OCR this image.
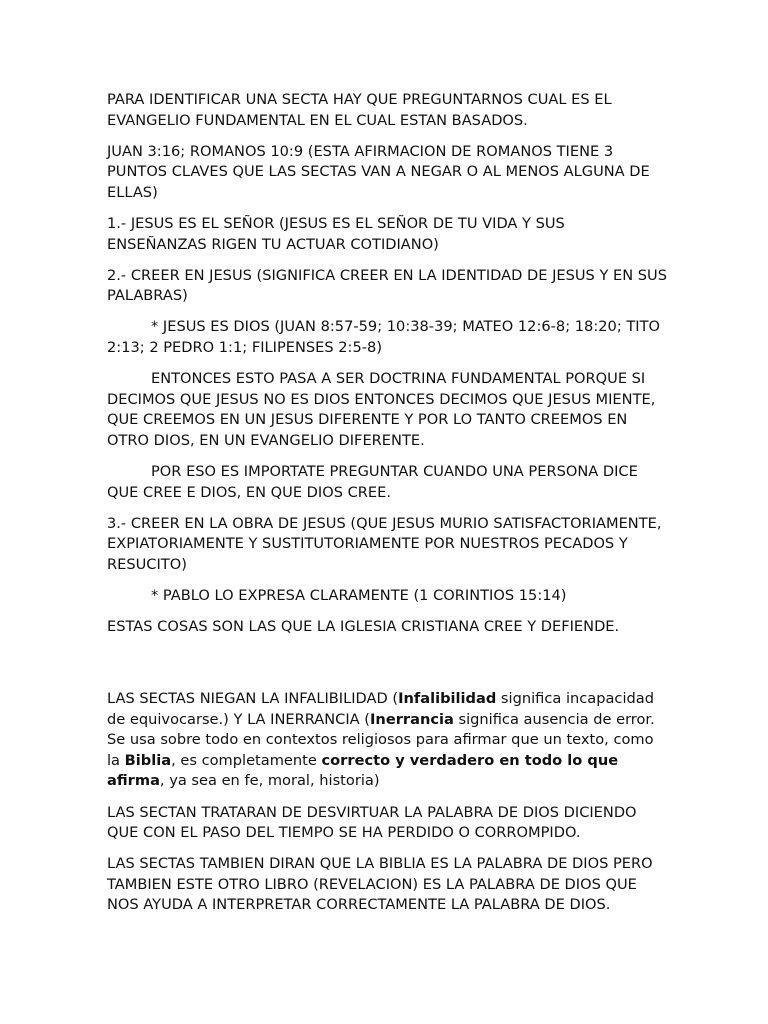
PARA IDENTIFICAR UNA SECTA HAY QUE PREGUNTARNOS CUAL ES EL EVANGELIO FUNDAMENTAL EN EL CUAL ESTAN BASADOS.

JUAN 3:16; ROMANOS 10:9 (ESTA AFIRMACION DE ROMANOS TIENE 3 PUNTOS CLAVES QUE LAS SECTAS VAN A NEGAR O AL MENOS ALGUNA DE ELLAS)

1.- JESUS ES EL SEÑOR (JESUS ES EL SEÑOR DE TU VIDA Y SUS ENSEÑANZAS RIGEN TU ACTUAR COTIDIANO)

2.- CREER EN JESUS (SIGNIFICA CREER EN LA IDENTIDAD DE JESUS Y EN SUS PALABRAS)

* JESUS ES DIOS (JUAN 8:57-59; 10:38-39; MATEO 12:6-8; 18:20; TITO 2:13; 2 PEDRO 1:1; FILIPENSES 2:5-8)

ENTONCES ESTO PASA A SER DOCTRINA FUNDAMENTAL PORQUE SI DECIMOS QUE JESUS NO ES DIOS ENTONCES DECIMOS QUE JESUS MIENTE, QUE CREEMOS EN UN JESUS DIFERENTE Y POR LO TANTO CREEMOS EN OTRO DIOS, EN UN EVANGELIO DIFERENTE.

POR ESO ES IMPORTATE PREGUNTAR CUANDO UNA PERSONA DICE QUE CREE E DIOS, EN QUE DIOS CREE.

3.- CREER EN LA OBRA DE JESUS (QUE JESUS MURIO SATISFACTORIAMENTE, EXPIATORIAMENTE Y SUSTITUTORIAMENTE POR NUESTROS PECADOS Y RESUCITO)

* PABLO LO EXPRESA CLARAMENTE (1 CORINTIOS 15:14)

ESTAS COSAS SON LAS QUE LA IGLESIA CRISTIANA CREE Y DEFIENDE.

LAS SECTAS NIEGAN LA INFALIBILIDAD (Infalibilidad significa incapacidad de equivocarse.) Y LA INERRANCIA (Inerrancia significa ausencia de error. Se usa sobre todo en contextos religiosos para afirmar que un texto, como la Biblia, es completamente correcto y verdadero en todo lo que afirma, ya sea en fe, moral, historia)

LAS SECTAN TRATARAN DE DESVIRTUAR LA PALABRA DE DIOS DICIENDO QUE CON EL PASO DEL TIEMPO SE HA PERDIDO O CORROMPIDO.

LAS SECTAS TAMBIEN DIRAN QUE LA BIBLIA ES LA PALABRA DE DIOS PERO TAMBIEN ESTE OTRO LIBRO (REVELACION) ES LA PALABRA DE DIOS QUE NOS AYUDA A INTERPRETAR CORRECTAMENTE LA PALABRA DE DIOS.
